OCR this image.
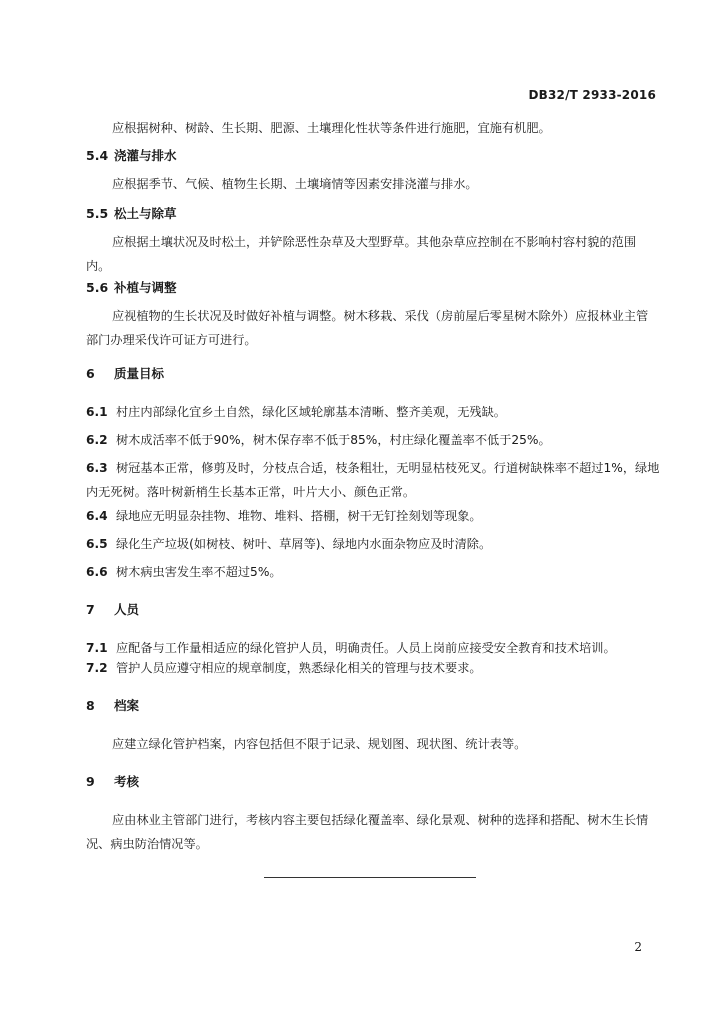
DB32/T 2933-2016
应根据树种、树龄、生长期、肥源、土壤理化性状等条件进行施肥，宜施有机肥。
5.4 浇灌与排水
应根据季节、气候、植物生长期、土壤墒情等因素安排浇灌与排水。
5.5 松土与除草
应根据土壤状况及时松土，并铲除恶性杂草及大型野草。其他杂草应控制在不影响村容村貌的范围内。
5.6 补植与调整
应视植物的生长状况及时做好补植与调整。树木移栽、采伐（房前屋后零星树木除外）应报林业主管部门办理采伐许可证方可进行。
6 质量目标
6.1 村庄内部绿化宜乡土自然，绿化区域轮廓基本清晰、整齐美观，无残缺。
6.2 树木成活率不低于90%，树木保存率不低于85%，村庄绿化覆盖率不低于25%。
6.3 树冠基本正常，修剪及时，分枝点合适，枝条粗壮，无明显枯枝死叉。行道树缺株率不超过1%，绿地内无死树。落叶树新梢生长基本正常，叶片大小、颜色正常。
6.4 绿地应无明显杂挂物、堆物、堆料、搭棚，树干无钉拴刻划等现象。
6.5 绿化生产垃圾(如树枝、树叶、草屑等)、绿地内水面杂物应及时清除。
6.6 树木病虫害发生率不超过5%。
7 人员
7.1 应配备与工作量相适应的绿化管护人员，明确责任。人员上岗前应接受安全教育和技术培训。
7.2 管护人员应遵守相应的规章制度，熟悉绿化相关的管理与技术要求。
8 档案
应建立绿化管护档案，内容包括但不限于记录、规划图、现状图、统计表等。
9 考核
应由林业主管部门进行，考核内容主要包括绿化覆盖率、绿化景观、树种的选择和搭配、树木生长情况、病虫防治情况等。
2
